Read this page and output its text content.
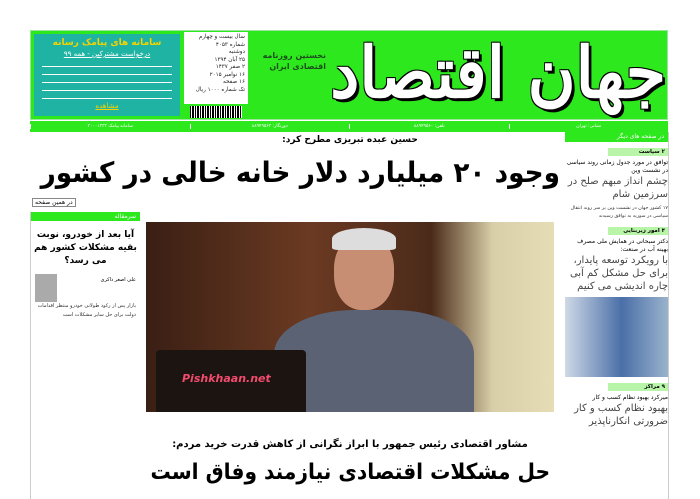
سامانه های پیامک رسانه
درخواست مشترکین - همه ۹۹
مشاهده
سال بیست و چهارم
شماره ۴۰۵۳
دوشنبه
۲۵ آبان ۱۳۹۴
۲ صفر ۱۴۳۷
۱۶ نوامبر ۲۰۱۵
۱۶ صفحه
تک شماره ۱۰۰۰ ریال
نخستین روزنامه اقتصادی ایران جهان اقتصاد
نشانی: تهران
تلفن: ۸۸۹۴۹۵۶۰
دورنگار: ۸۸۹۴۹۵۶۳
سامانه پیامک ۳۰۰۰۱۳۳۳
حسین عبده تبریزی مطرح کرد:
وجود ۲۰ میلیارد دلار خانه خالی در کشور
در همین صفحه
Pishkhaan.net
مشاور اقتصادی رئیس جمهور با ابراز نگرانی از کاهش قدرت خرید مردم:
حل مشکلات اقتصادی نیازمند وفاق است
سرمقاله
آیا بعد از خودرو، نوبت بقیه مشکلات کشور هم می رسد؟
علی اصغر ذاکری
بازار پس از رکود طولانی خودرو منتظر اقدامات دولت برای حل سایر مشکلات است
در صفحه های دیگر
۲ سیاست
توافق در مورد جدول زمانی روند سیاسی در نشست وین
چشم انداز مبهم صلح در سرزمین شام
۱۷ کشور جهان در نشست وین بر سر روند انتقال سیاسی در سوریه به توافق رسیدند
۴ امور زیربنایی
دکتر سبحانی در همایش ملی مصرف بهینه آب در صنعت:
با رویکرد توسعه پایدار، برای حل مشکل کم آبی چاره اندیشی می کنیم
۹ مراکز
میرکرد بهبود نظام کسب و کار
بهبود نظام کسب و کار ضرورتی انکارناپذیر
